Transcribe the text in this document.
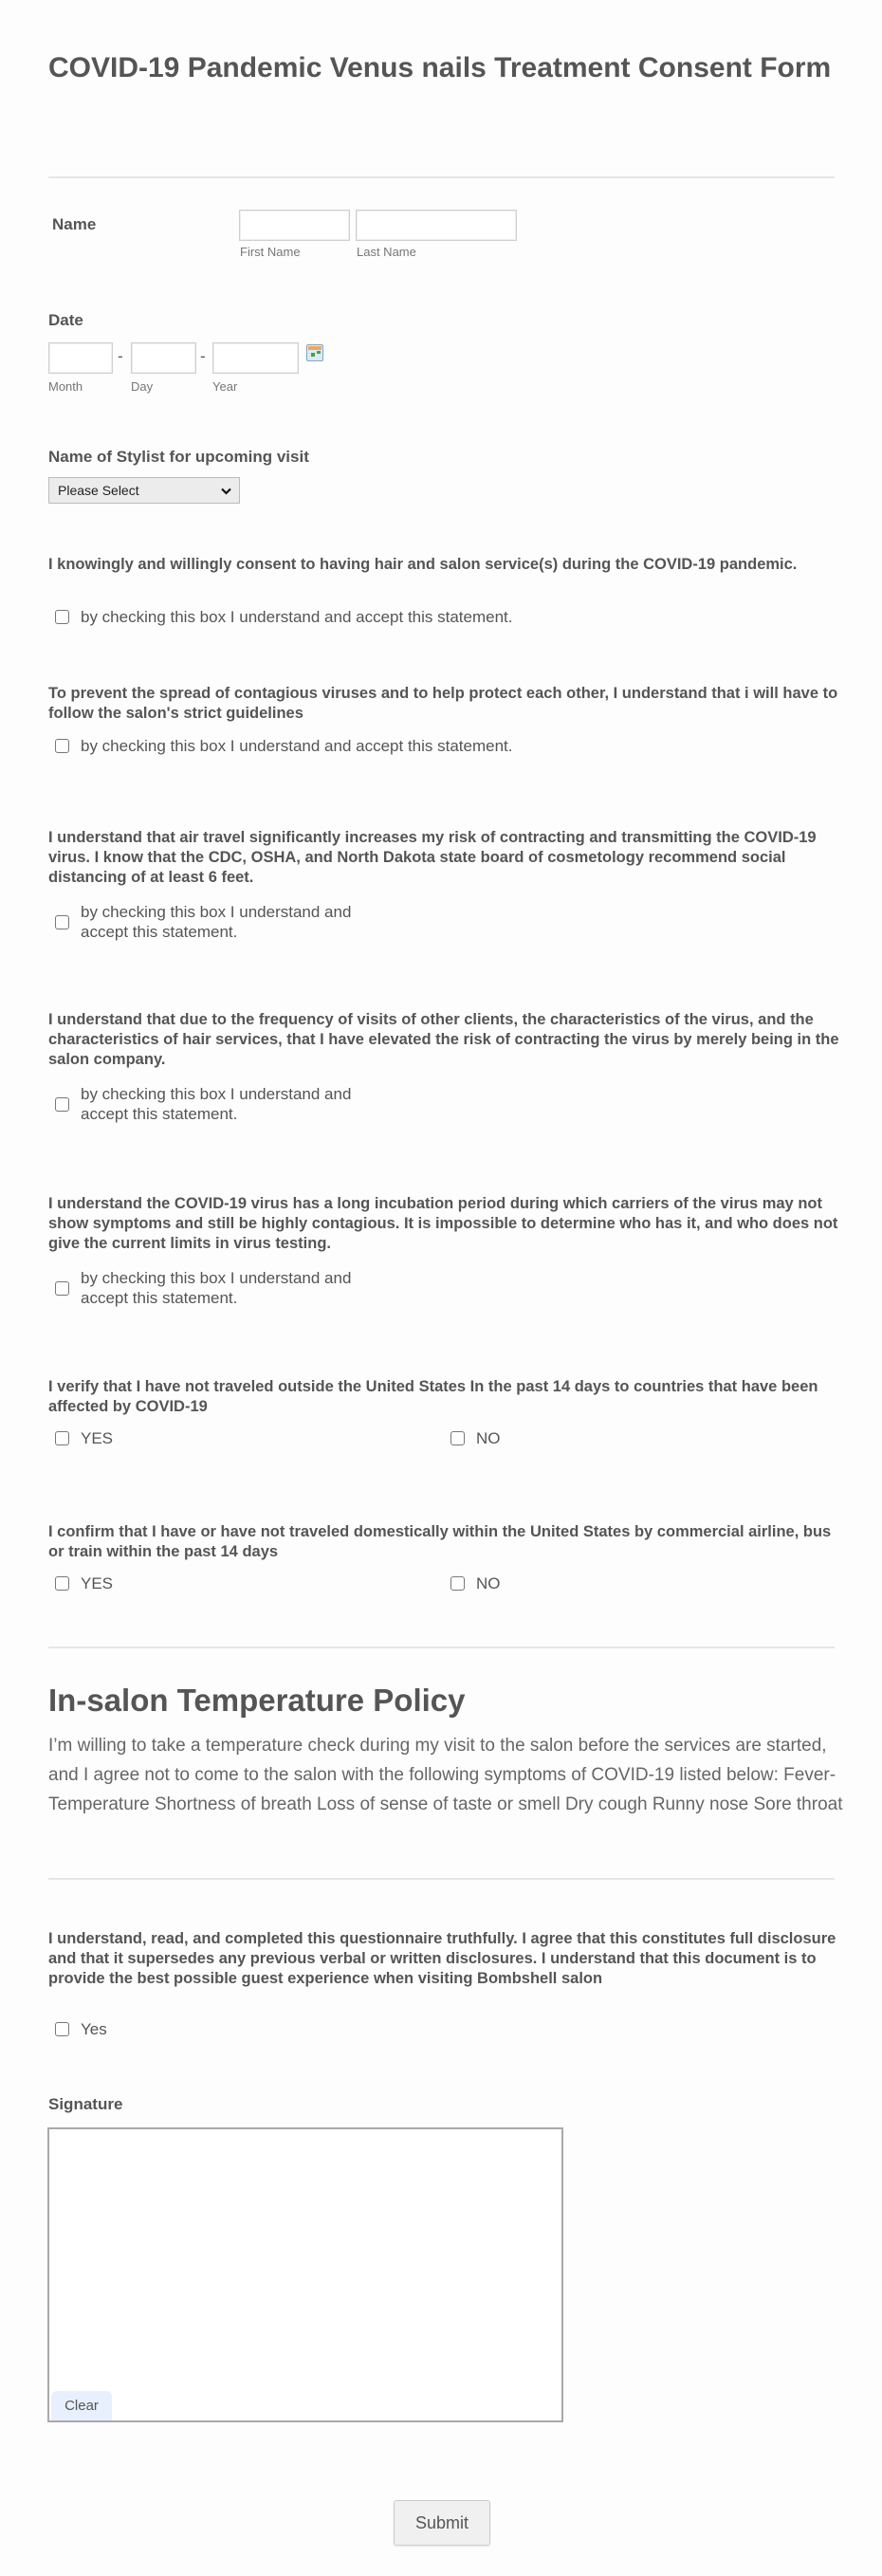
COVID-19 Pandemic Venus nails Treatment Consent Form
Name
First Name	Last Name
Date
-	-
Month	Day	Year
Name of Stylist for upcoming visit
Please Select

I knowingly and willingly consent to having hair and salon service(s) during the COVID-19 pandemic.

by checking this box I understand and accept this statement.

To prevent the spread of contagious viruses and to help protect each other, I understand that i will have to follow the salon's strict guidelines

by checking this box I understand and accept this statement.

I understand that air travel significantly increases my risk of contracting and transmitting the COVID-19 virus. I know that the CDC, OSHA, and North Dakota state board of cosmetology recommend social distancing of at least 6 feet.

by checking this box I understand and accept this statement.

I understand that due to the frequency of visits of other clients, the characteristics of the virus, and the characteristics of hair services, that I have elevated the risk of contracting the virus by merely being in the salon company.

by checking this box I understand and accept this statement.

I understand the COVID-19 virus has a long incubation period during which carriers of the virus may not show symptoms and still be highly contagious. It is impossible to determine who has it, and who does not give the current limits in virus testing.

by checking this box I understand and accept this statement.

I verify that I have not traveled outside the United States In the past 14 days to countries that have been affected by COVID-19

YES	NO

I confirm that I have or have not traveled domestically within the United States by commercial airline, bus or train within the past 14 days

YES	NO
In-salon Temperature Policy

I’m willing to take a temperature check during my visit to the salon before the services are started, and I agree not to come to the salon with the following symptoms of COVID-19 listed below: Fever- Temperature Shortness of breath Loss of sense of taste or smell Dry cough Runny nose Sore throat

I understand, read, and completed this questionnaire truthfully. I agree that this constitutes full disclosure and that it supersedes any previous verbal or written disclosures. I understand that this document is to provide the best possible guest experience when visiting Bombshell salon

Yes
Signature
Clear
Submit
